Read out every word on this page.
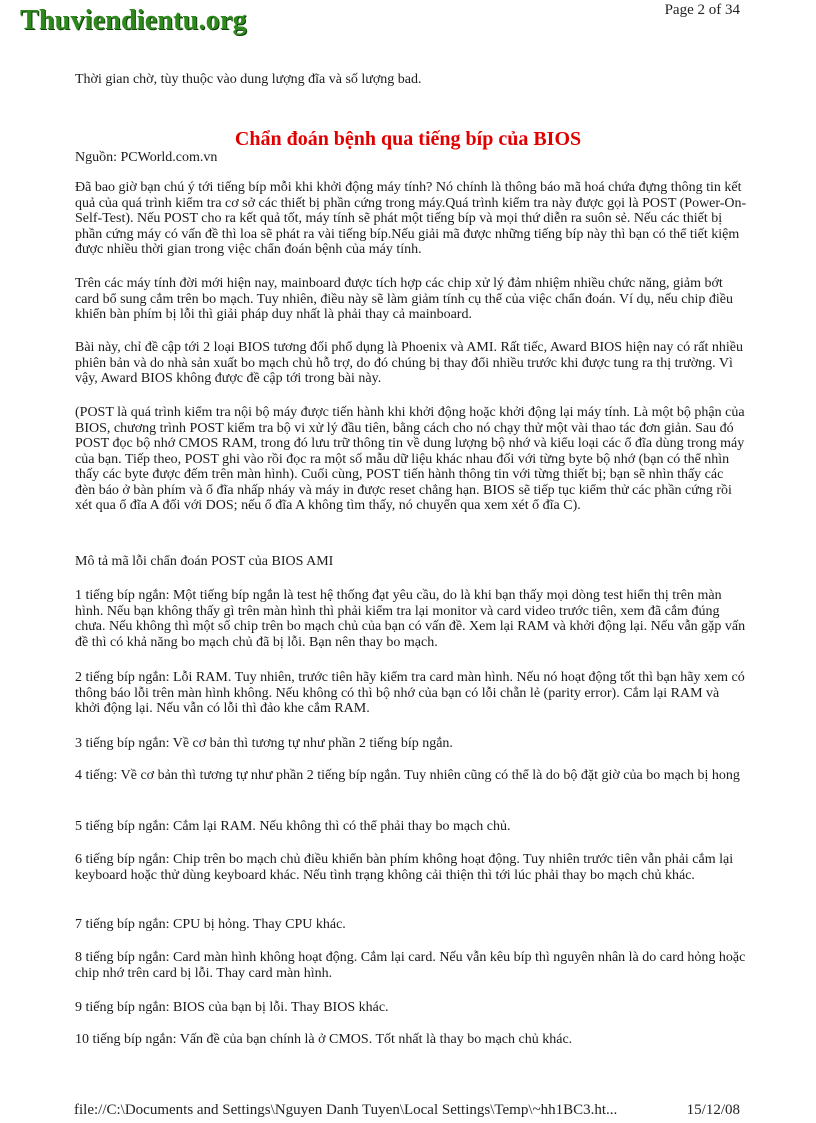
Thuviendientu.org	Page 2 of 34

Thời gian chờ, tùy thuộc vào dung lượng đĩa và số lượng bad.

Chẩn đoán bệnh qua tiếng bíp của BIOS

Nguồn: PCWorld.com.vn

Đã bao giờ bạn chú ý tới tiếng bíp mỗi khi khởi động máy tính? Nó chính là thông báo mã hoá chứa đựng thông tin kết quả của quá trình kiểm tra cơ sở các thiết bị phần cứng trong máy.Quá trình kiểm tra này được gọi là POST (Power-On-Self-Test). Nếu POST cho ra kết quả tốt, máy tính sẽ phát một tiếng bíp và mọi thứ diễn ra suôn sẻ. Nếu các thiết bị phần cứng máy có vấn đề thì loa sẽ phát ra vài tiếng bíp.Nếu giải mã được những tiếng bíp này thì bạn có thể tiết kiệm được nhiều thời gian trong việc chẩn đoán bệnh của máy tính.

Trên các máy tính đời mới hiện nay, mainboard được tích hợp các chip xử lý đảm nhiệm nhiều chức năng, giảm bớt card bổ sung cắm trên bo mạch. Tuy nhiên, điều này sẽ làm giảm tính cụ thể của việc chẩn đoán. Ví dụ, nếu chip điều khiển bàn phím bị lỗi thì giải pháp duy nhất là phải thay cả mainboard.

Bài này, chỉ đề cập tới 2 loại BIOS tương đối phổ dụng là Phoenix và AMI. Rất tiếc, Award BIOS hiện nay có rất nhiều phiên bản và do nhà sản xuất bo mạch chủ hỗ trợ, do đó chúng bị thay đổi nhiều trước khi được tung ra thị trường. Vì vậy, Award BIOS không được đề cập tới trong bài này.

(POST là quá trình kiểm tra nội bộ máy được tiến hành khi khởi động hoặc khởi động lại máy tính. Là một bộ phận của BIOS, chương trình POST kiểm tra bộ vi xử lý đầu tiên, bằng cách cho nó chạy thử một vài thao tác đơn giản. Sau đó POST đọc bộ nhớ CMOS RAM, trong đó lưu trữ thông tin về dung lượng bộ nhớ và kiểu loại các ổ đĩa dùng trong máy của bạn. Tiếp theo, POST ghi vào rồi đọc ra một số mẫu dữ liệu khác nhau đối với từng byte bộ nhớ (bạn có thể nhìn thấy các byte được đếm trên màn hình). Cuối cùng, POST tiến hành thông tin với từng thiết bị; bạn sẽ nhìn thấy các đèn báo ở bàn phím và ổ đĩa nhấp nháy và máy in được reset chẳng hạn. BIOS sẽ tiếp tục kiểm thử các phần cứng rồi xét qua ổ đĩa A đối với DOS; nếu ổ đĩa A không tìm thấy, nó chuyển qua xem xét ổ đĩa C).

Mô tả mã lỗi chẩn đoán POST của BIOS AMI

1 tiếng bíp ngắn: Một tiếng bíp ngắn là test hệ thống đạt yêu cầu, do là khi bạn thấy mọi dòng test hiển thị trên màn hình. Nếu bạn không thấy gì trên màn hình thì phải kiểm tra lại monitor và card video trước tiên, xem đã cắm đúng chưa. Nếu không thì một số chip trên bo mạch chủ của bạn có vấn đề. Xem lại RAM và khởi động lại. Nếu vẫn gặp vấn đề thì có khả năng bo mạch chủ đã bị lỗi. Bạn nên thay bo mạch.

2 tiếng bíp ngắn: Lỗi RAM. Tuy nhiên, trước tiên hãy kiểm tra card màn hình. Nếu nó hoạt động tốt thì bạn hãy xem có thông báo lỗi trên màn hình không. Nếu không có thì bộ nhớ của bạn có lỗi chẵn lẻ (parity error). Cắm lại RAM và khởi động lại. Nếu vẫn có lỗi thì đảo khe cắm RAM.

3 tiếng bíp ngắn: Về cơ bản thì tương tự như phần 2 tiếng bíp ngắn.

4 tiếng: Về cơ bản thì tương tự như phần 2 tiếng bíp ngắn. Tuy nhiên cũng có thể là do bộ đặt giờ của bo mạch bị hong

5 tiếng bíp ngắn: Cắm lại RAM. Nếu không thì có thể phải thay bo mạch chủ.

6 tiếng bíp ngắn: Chip trên bo mạch chủ điều khiển bàn phím không hoạt động. Tuy nhiên trước tiên vẫn phải cắm lại keyboard hoặc thử dùng keyboard khác. Nếu tình trạng không cải thiện thì tới lúc phải thay bo mạch chủ khác.

7 tiếng bíp ngắn: CPU bị hỏng. Thay CPU khác.

8 tiếng bíp ngắn: Card màn hình không hoạt động. Cắm lại card. Nếu vẫn kêu bíp thì nguyên nhân là do card hỏng hoặc chip nhớ trên card bị lỗi. Thay card màn hình.

9 tiếng bíp ngắn: BIOS của bạn bị lỗi. Thay BIOS khác.

10 tiếng bíp ngắn: Vấn đề của bạn chính là ở CMOS. Tốt nhất là thay bo mạch chủ khác.

file://C:\Documents and Settings\Nguyen Danh Tuyen\Local Settings\Temp\~hh1BC3.ht...	15/12/08
